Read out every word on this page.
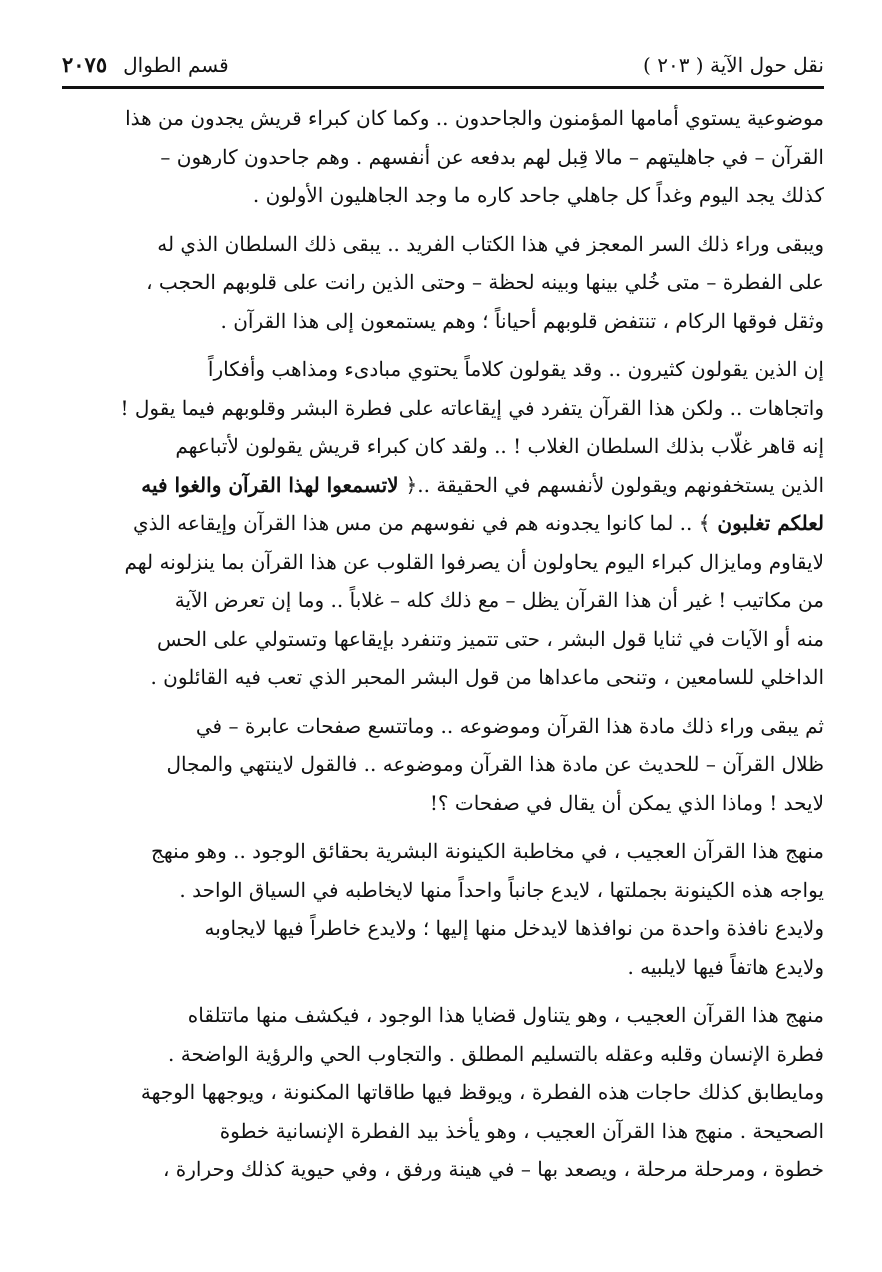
نقل حول الآية ( ٢٠٣ )
قسم الطوال
٢٠٧٥
موضوعية يستوي أمامها المؤمنون والجاحدون .. وكما كان كبراء قريش يجدون من هذا
القرآن – في جاهليتهم – مالا قِبل لهم بدفعه عن أنفسهم . وهم جاحدون كارهون –
كذلك يجد اليوم وغداً كل جاهلي جاحد كاره ما وجد الجاهليون الأولون .
ويبقى وراء ذلك السر المعجز في هذا الكتاب الفريد .. يبقى ذلك السلطان الذي له
على الفطرة – متى خُلي بينها وبينه لحظة – وحتى الذين رانت على قلوبهم الحجب ،
وثقل فوقها الركام ، تنتفض قلوبهم أحياناً ؛ وهم يستمعون إلى هذا القرآن .
إن الذين يقولون كثيرون .. وقد يقولون كلاماً يحتوي مبادىء ومذاهب وأفكاراً
واتجاهات .. ولكن هذا القرآن يتفرد في إيقاعاته على فطرة البشر وقلوبهم فيما يقول !
إنه قاهر غلّاب بذلك السلطان الغلاب ! .. ولقد كان كبراء قريش يقولون لأتباعهم
الذين يستخفونهم ويقولون لأنفسهم في الحقيقة ..﴿ لاتسمعوا لهذا القرآن والغوا فيه
لعلكم تغلبون ﴾ .. لما كانوا يجدونه هم في نفوسهم من مس هذا القرآن وإيقاعه الذي
لايقاوم ومايزال كبراء اليوم يحاولون أن يصرفوا القلوب عن هذا القرآن بما ينزلونه لهم
من مكاتيب ! غير أن هذا القرآن يظل – مع ذلك كله – غلاباً .. وما إن تعرض الآية
منه أو الآيات في ثنايا قول البشر ، حتى تتميز وتنفرد بإيقاعها وتستولي على الحس
الداخلي للسامعين ، وتنحى ماعداها من قول البشر المحبر الذي تعب فيه القائلون .
ثم يبقى وراء ذلك مادة هذا القرآن وموضوعه .. وماتتسع صفحات عابرة – في
ظلال القرآن – للحديث عن مادة هذا القرآن وموضوعه .. فالقول لاينتهي والمجال
لايحد ! وماذا الذي يمكن أن يقال في صفحات ؟!
منهج هذا القرآن العجيب ، في مخاطبة الكينونة البشرية بحقائق الوجود .. وهو منهج
يواجه هذه الكينونة بجملتها ، لايدع جانباً واحداً منها لايخاطبه في السياق الواحد .
ولايدع نافذة واحدة من نوافذها لايدخل منها إليها ؛ ولايدع خاطراً فيها لايجاوبه
ولايدع هاتفاً فيها لايلبيه .
منهج هذا القرآن العجيب ، وهو يتناول قضايا هذا الوجود ، فيكشف منها ماتتلقاه
فطرة الإنسان وقلبه وعقله بالتسليم المطلق . والتجاوب الحي والرؤية الواضحة .
ومايطابق كذلك حاجات هذه الفطرة ، ويوقظ فيها طاقاتها المكنونة ، ويوجهها الوجهة
الصحيحة . منهج هذا القرآن العجيب ، وهو يأخذ بيد الفطرة الإنسانية خطوة
خطوة ، ومرحلة مرحلة ، ويصعد بها – في هينة ورفق ، وفي حيوية كذلك وحرارة ،
